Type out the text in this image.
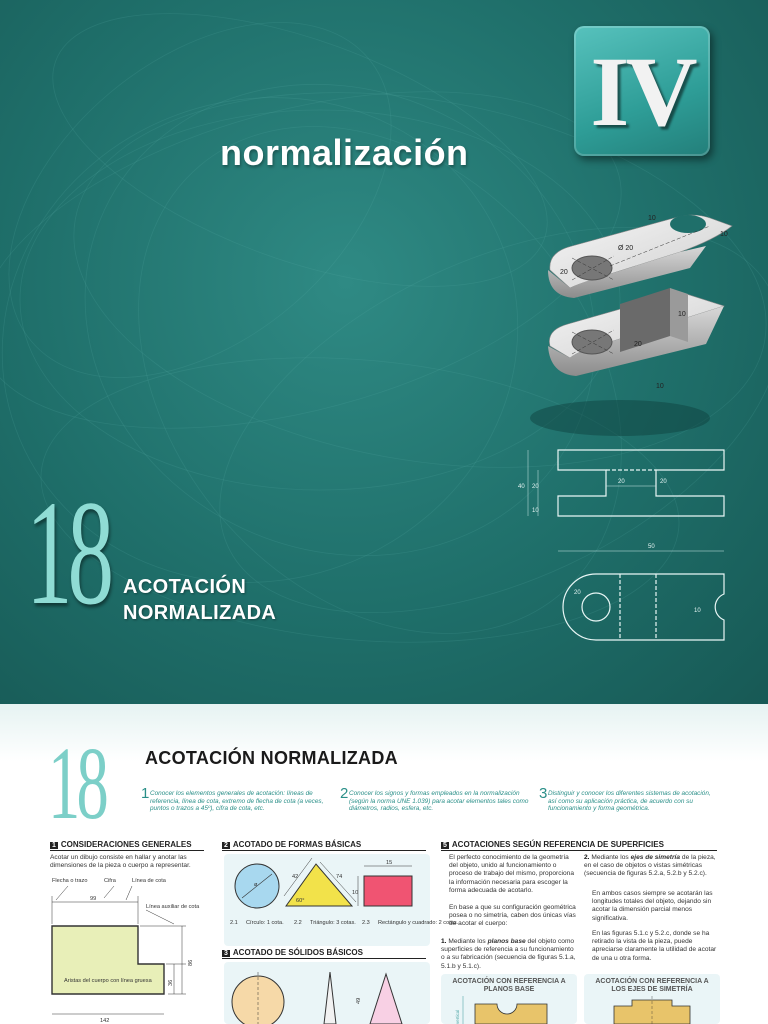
normalización
IV
18 ACOTACIÓN
NORMALIZADA
10
10
Ø 20
20
10
20
10
40 20
10
20	20
50
20
10
18 ACOTACIÓN NORMALIZADA
1 Conocer los elementos generales de acotación: líneas de referencia, línea de cota, extremo de flecha de cota (a veces, puntos o trazos a 45º), cifra de cota, etc.
2 Conocer los signos y formas empleados en la normalización (según la norma UNE 1.039) para acotar elementos tales como diámetros, radios, esfera, etc.
3 Distinguir y conocer los diferentes sistemas de acotación, así como su aplicación práctica, de acuerdo con su funcionamiento y forma geométrica.
1 CONSIDERACIONES GENERALES	2 ACOTADO DE FORMAS BÁSICAS
3 ACOTADO DE SÓLIDOS BÁSICOS
5 ACOTACIONES SEGÚN REFERENCIA DE SUPERFICIES
Acotar un dibujo consiste en hallar y anotar las dimensiones de la pieza o cuerpo a representar.
Flecha o trazo	Cifra	Línea de cota
Línea auxiliar de cota
Aristas del cuerpo con línea gruesa
99
86
36
142
ø
74
42
60°
15
10
2.1 Círculo: 1 cota. 2.2 Triángulo: 3 cotas. 2.3 Rectángulo y cuadrado: 2 cotas.
49
El perfecto conocimiento de la geometría del objeto, unido al funcionamiento o proceso de trabajo del mismo, proporciona la información necesaria para escoger la forma adecuada de acotarlo.
En base a que su configuración geométrica posea o no simetría, caben dos únicas vías de acotar el cuerpo:
1. Mediante los planos base del objeto como superficies de referencia a su funcionamiento o a su fabricación (secuencia de figuras 5.1.a, 5.1.b y 5.1.c).
ACOTACIÓN CON REFERENCIA A PLANOS BASE
vertical
2. Mediante los ejes de simetría de la pieza, en el caso de objetos o vistas simétricas (secuencia de figuras 5.2.a, 5.2.b y 5.2.c).
En ambos casos siempre se acotarán las longitudes totales del objeto, dejando sin acotar la dimensión parcial menos significativa.
En las figuras 5.1.c y 5.2.c, donde se ha retirado la vista de la pieza, puede apreciarse claramente la utilidad de acotar de una u otra forma.
ACOTACIÓN CON REFERENCIA A LOS EJES DE SIMETRÍA
